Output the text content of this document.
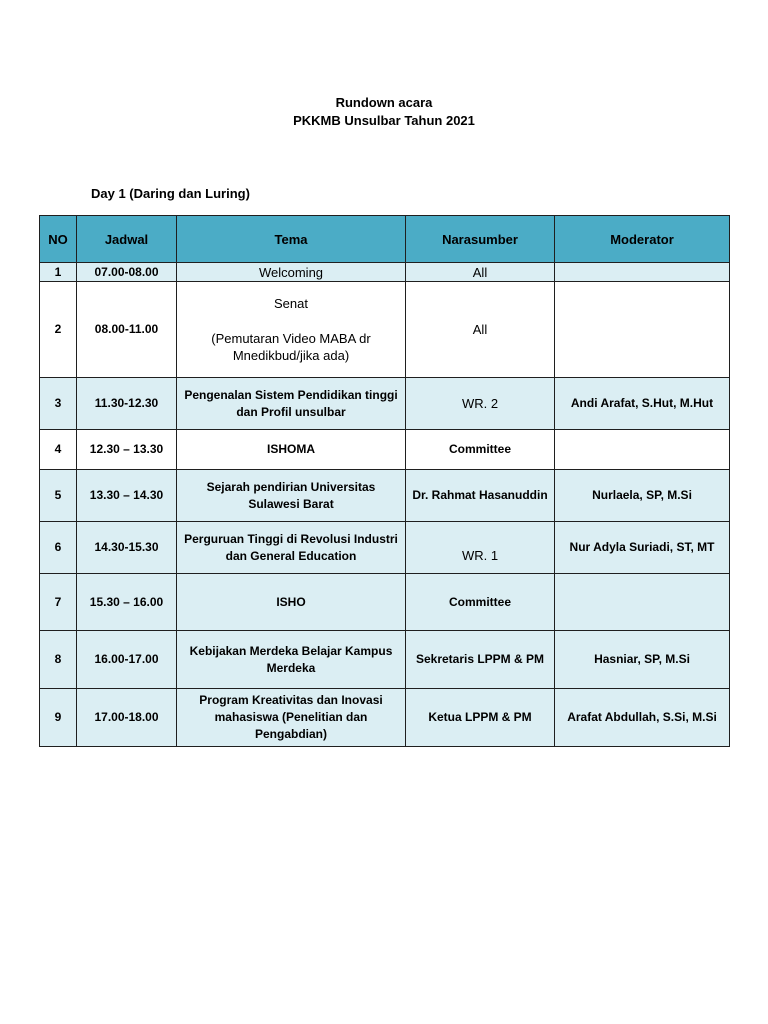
Rundown acara
PKKMB Unsulbar Tahun 2021
Day 1 (Daring dan Luring)
NO	Jadwal	Tema	Narasumber	Moderator
1	07.00-08.00	Welcoming	All	
2	08.00-11.00	Senat
(Pemutaran Video MABA dr Mnedikbud/jika ada)	All	
3	11.30-12.30	Pengenalan Sistem Pendidikan tinggi dan Profil unsulbar	WR. 2	Andi Arafat, S.Hut, M.Hut
4	12.30 – 13.30	ISHOMA	Committee	
5	13.30 – 14.30	Sejarah pendirian Universitas Sulawesi Barat	Dr. Rahmat Hasanuddin	Nurlaela, SP, M.Si
6	14.30-15.30	Perguruan Tinggi di Revolusi Industri dan General Education	WR. 1	Nur Adyla Suriadi, ST, MT
7	15.30 – 16.00	ISHO	Committee	
8	16.00-17.00	Kebijakan Merdeka Belajar Kampus Merdeka	Sekretaris LPPM & PM	Hasniar, SP, M.Si
9	17.00-18.00	Program Kreativitas dan Inovasi mahasiswa (Penelitian dan Pengabdian)	Ketua LPPM & PM	Arafat Abdullah, S.Si, M.Si
